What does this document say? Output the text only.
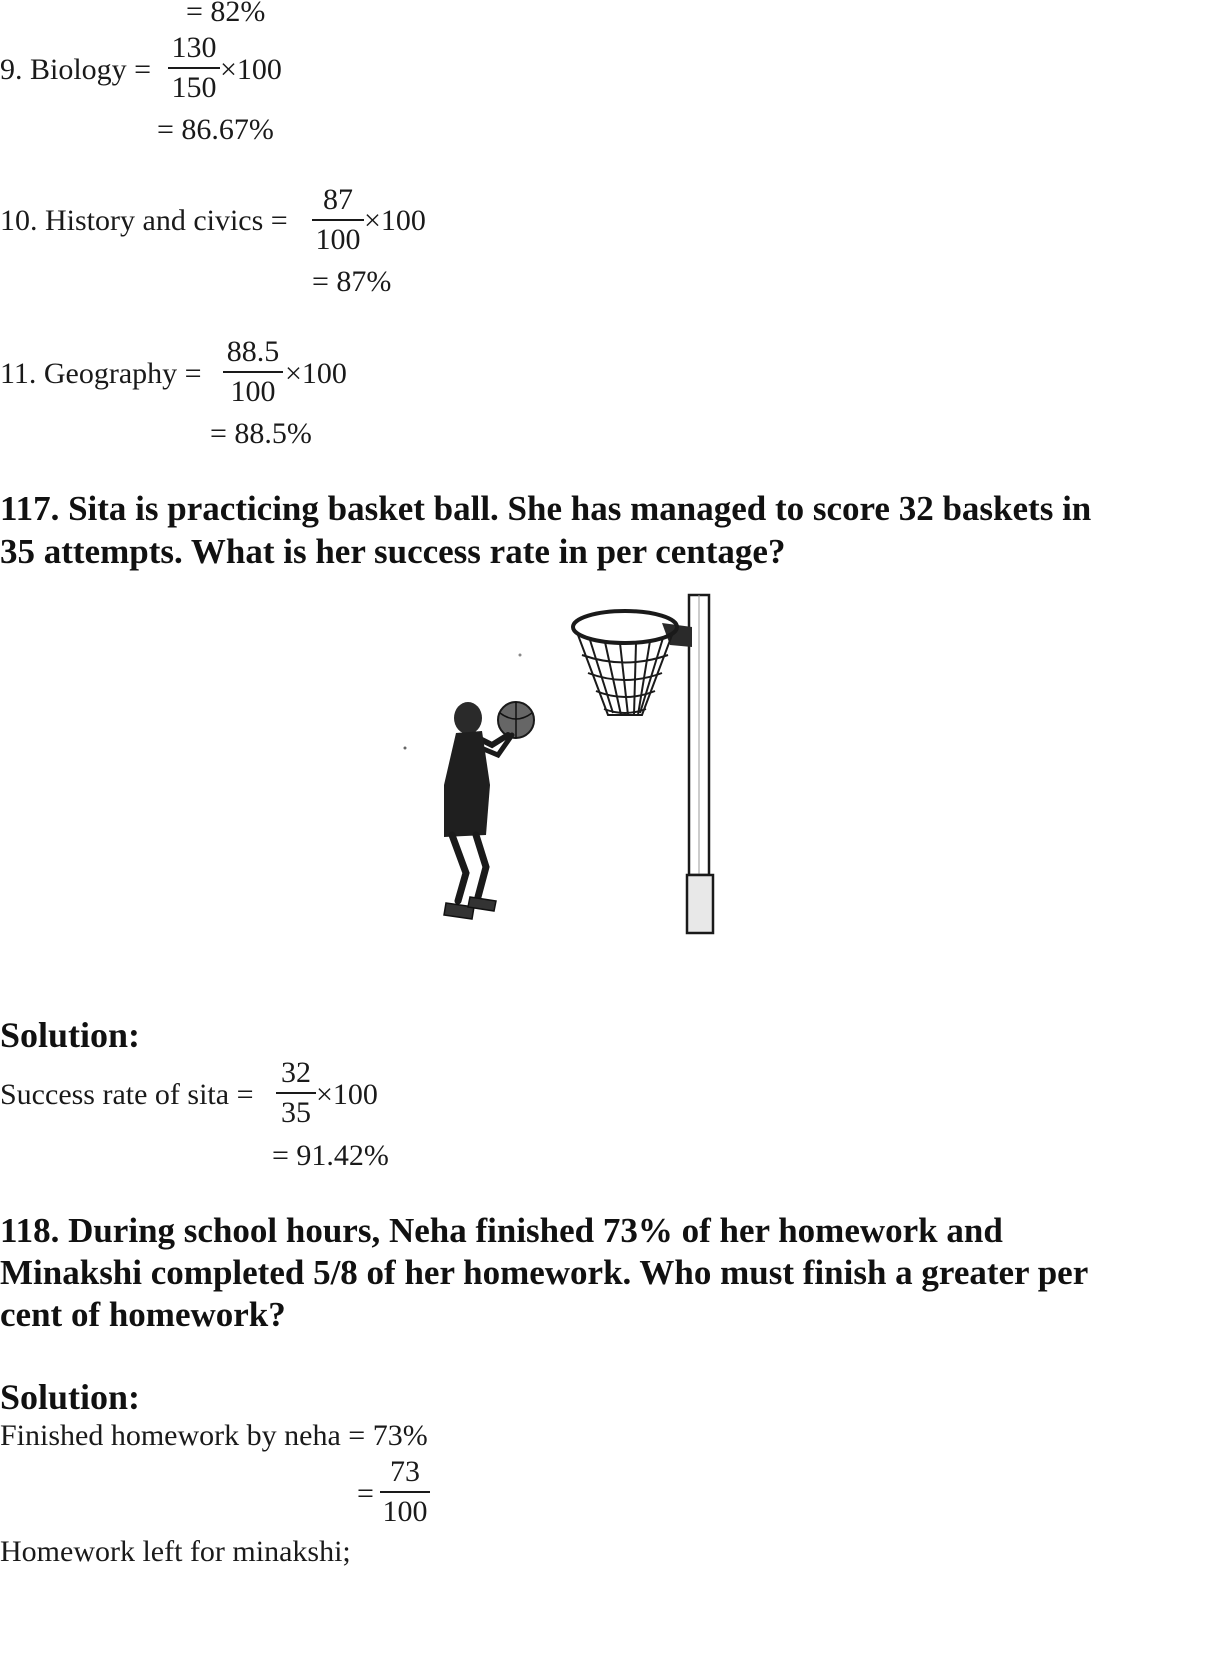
= 82%
9. Biology =
130
150
×100
= 86.67%
10. History and civics =
87
100
×100
= 87%
11. Geography =
88.5
100
×100
= 88.5%
117. Sita is practicing basket ball. She has managed to score 32 baskets in
35 attempts. What is her success rate in per centage?
Solution:
Success rate of sita =
32
35
×100
= 91.42%
118. During school hours, Neha finished 73% of her homework and
Minakshi completed 5/8 of her homework. Who must finish a greater per
cent of homework?
Solution:
Finished homework by neha = 73%
=
73
100
Homework left for minakshi;
